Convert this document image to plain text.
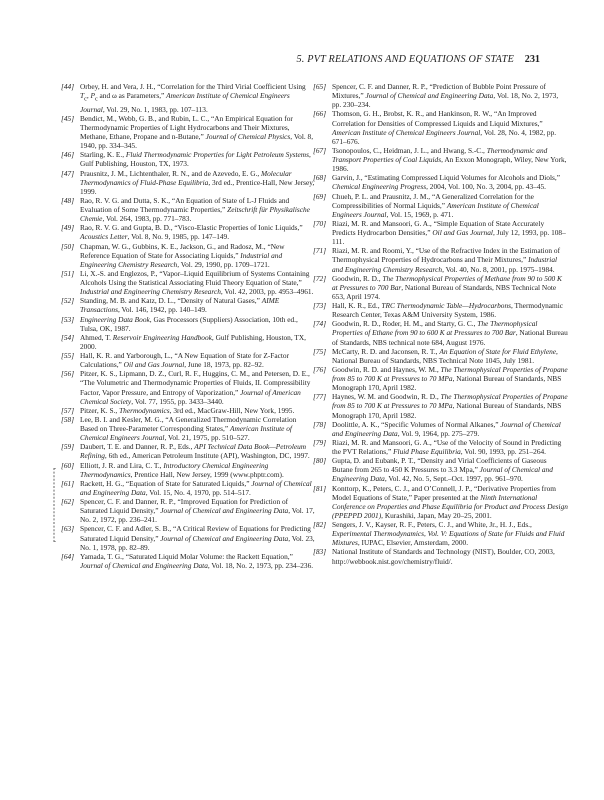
5. PVT RELATIONS AND EQUATIONS OF STATE 231

[44] Orbey, H. and Vera, J. H., “Correlation for the Third Virial Coefficient Using $T_c$, $P_c$ and ω as Parameters,” American Institute of Chemical Engineers Journal, Vol. 29, No. 1, 1983, pp. 107–113.

[45] Bendict, M., Webb, G. B., and Rubin, L. C., “An Empirical Equation for Thermodynamic Properties of Light Hydrocarbons and Their Mixtures, Methane, Ethane, Propane and n-Butane,” Journal of Chemical Physics, Vol. 8, 1940, pp. 334–345.

[46] Starling, K. E., Fluid Thermodynamic Properties for Light Petroleum Systems, Gulf Publishing, Houston, TX, 1973.

[47] Prausnitz, J. M., Lichtenthaler, R. N., and de Azevedo, E. G., Molecular Thermodynamics of Fluid-Phase Equilibria, 3rd ed., Prentice-Hall, New Jersey, 1999.

[48] Rao, R. V. G. and Dutta, S. K., “An Equation of State of L-J Fluids and Evaluation of Some Thermodynamic Properties,” Zeitschrift für Physikalische Chemie, Vol. 264, 1983, pp. 771–783.

[49] Rao, R. V. G. and Gupta, B. D., “Visco-Elastic Properties of Ionic Liquids,” Acoustics Letter, Vol. 8, No. 9, 1985, pp. 147–149.

[50] Chapman, W. G., Gubbins, K. E., Jackson, G., and Radosz, M., “New Reference Equation of State for Associating Liquids,” Industrial and Engineering Chemistry Research, Vol. 29, 1990, pp. 1709–1721.

[51] Li, X.-S. and Englezos, P., “Vapor–Liquid Equilibrium of Systems Containing Alcohols Using the Statistical Associating Fluid Theory Equation of State,” Industrial and Engineering Chemistry Research, Vol. 42, 2003, pp. 4953–4961.

[52] Standing, M. B. and Katz, D. L., “Density of Natural Gases,” AIME Transactions, Vol. 146, 1942, pp. 140–149.

[53] Engineering Data Book, Gas Processors (Suppliers) Association, 10th ed., Tulsa, OK, 1987.

[54] Ahmed, T. Reservoir Engineering Handbook, Gulf Publishing, Houston, TX, 2000.

[55] Hall, K. R. and Yarborough, L., “A New Equation of State for Z-Factor Calculations,” Oil and Gas Journal, June 18, 1973, pp. 82–92.

[56] Pitzer, K. S., Lipmann, D. Z., Curl, R. F., Huggins, C. M., and Petersen, D. E., “The Volumetric and Thermodynamic Properties of Fluids, II. Compressibility Factor, Vapor Pressure, and Entropy of Vaporization,” Journal of American Chemical Society, Vol. 77, 1955, pp. 3433–3440.

[57] Pitzer, K. S., Thermodynamics, 3rd ed., MacGraw-Hill, New York, 1995.

[58] Lee, B. I. and Kesler, M. G., “A Generalized Thermodynamic Correlation Based on Three-Parameter Corresponding States,” American Institute of Chemical Engineers Journal, Vol. 21, 1975, pp. 510–527.

[59] Daubert, T. E. and Danner, R. P., Eds., API Technical Data Book—Petroleum Refining, 6th ed., American Petroleum Institute (API), Washington, DC, 1997.

[60] Elliott, J. R. and Lira, C. T., Introductory Chemical Engineering Thermodynamics, Prentice Hall, New Jersey, 1999 (www.phptr.com).

[61] Rackett, H. G., “Equation of State for Saturated Liquids,” Journal of Chemical and Engineering Data, Vol. 15, No. 4, 1970, pp. 514–517.

[62] Spencer, C. F. and Danner, R. P., “Improved Equation for Prediction of Saturated Liquid Density,” Journal of Chemical and Engineering Data, Vol. 17, No. 2, 1972, pp. 236–241.

[63] Spencer, C. F. and Adler, S. B., “A Critical Review of Equations for Predicting Saturated Liquid Density,” Journal of Chemical and Engineering Data, Vol. 23, No. 1, 1978, pp. 82–89.

[64] Yamada, T. G., “Saturated Liquid Molar Volume: the Rackett Equation,” Journal of Chemical and Engineering Data, Vol. 18, No. 2, 1973, pp. 234–236.

[65] Spencer, C. F. and Danner, R. P., “Prediction of Bubble Point Pressure of Mixtures,” Journal of Chemical and Engineering Data, Vol. 18, No. 2, 1973, pp. 230–234.

[66] Thomson, G. H., Brobst, K. R., and Hankinson, R. W., “An Improved Correlation for Densities of Compressed Liquids and Liquid Mixtures,” American Institute of Chemical Engineers Journal, Vol. 28, No. 4, 1982, pp. 671–676.

[67] Tsonopoulos, C., Heidman, J. L., and Hwang, S.-C., Thermodynamic and Transport Properties of Coal Liquids, An Exxon Monograph, Wiley, New York, 1986.

[68] Garvin, J., “Estimating Compressed Liquid Volumes for Alcohols and Diols,” Chemical Engineering Progress, 2004, Vol. 100, No. 3, 2004, pp. 43–45.

[69] Chueh, P. L. and Prausnitz, J. M., “A Generalized Correlation for the Compressibilities of Normal Liquids,” American Institute of Chemical Engineers Journal, Vol. 15, 1969, p. 471.

[70] Riazi, M. R. and Mansoori, G. A., “Simple Equation of State Accurately Predicts Hydrocarbon Densities,” Oil and Gas Journal, July 12, 1993, pp. 108–111.

[71] Riazi, M. R. and Roomi, Y., “Use of the Refractive Index in the Estimation of Thermophysical Properties of Hydrocarbons and Their Mixtures,” Industrial and Engineering Chemistry Research, Vol. 40, No. 8, 2001, pp. 1975–1984.

[72] Goodwin, R. D., The Thermophysical Properties of Methane from 90 to 500 K at Pressures to 700 Bar, National Bureau of Standards, NBS Technical Note 653, April 1974.

[73] Hall, K. R., Ed., TRC Thermodynamic Table—Hydrocarbons, Thermodynamic Research Center, Texas A&M University System, 1986.

[74] Goodwin, R. D., Roder, H. M., and Starty, G. C., The Thermophysical Properties of Ethane from 90 to 600 K at Pressures to 700 Bar, National Bureau of Standards, NBS technical note 684, August 1976.

[75] McCarty, R. D. and Jaconsen, R. T., An Equation of State for Fluid Ethylene, National Bureau of Standards, NBS Technical Note 1045, July 1981.

[76] Goodwin, R. D. and Haynes, W. M., The Thermophysical Properties of Propane from 85 to 700 K at Pressures to 70 MPa, National Bureau of Standards, NBS Monograph 170, April 1982.

[77] Haynes, W. M. and Goodwin, R. D., The Thermophysical Properties of Propane from 85 to 700 K at Pressures to 70 MPa, National Bureau of Standards, NBS Monograph 170, April 1982.

[78] Doolittle, A. K., “Specific Volumes of Normal Alkanes,” Journal of Chemical and Engineering Data, Vol. 9, 1964, pp. 275–279.

[79] Riazi, M. R. and Mansoori, G. A., “Use of the Velocity of Sound in Predicting the PVT Relations,” Fluid Phase Equilibria, Vol. 90, 1993, pp. 251–264.

[80] Gupta, D. and Eubank, P. T., “Density and Virial Coefficients of Gaseous Butane from 265 to 450 K Pressures to 3.3 Mpa,” Journal of Chemical and Engineering Data, Vol. 42, No. 5, Sept.–Oct. 1997, pp. 961–970.

[81] Konttorp, K., Peters, C. J., and O’Connell, J. P., “Derivative Properties from Model Equations of State,” Paper presented at the Ninth International Conference on Properties and Phase Equilibria for Product and Process Design (PPEPPD 2001), Kurashiki, Japan, May 20–25, 2001.

[82] Sengers, J. V., Kayser, R. F., Peters, C. J., and White, Jr., H. J., Eds., Experimental Thermodynamics, Vol. V: Equations of State for Fluids and Fluid Mixtures, IUPAC, Elsevier, Amsterdam, 2000.

[83] National Institute of Standards and Technology (NIST), Boulder, CO, 2003, http://webbook.nist.gov/chemistry/fluid/.
